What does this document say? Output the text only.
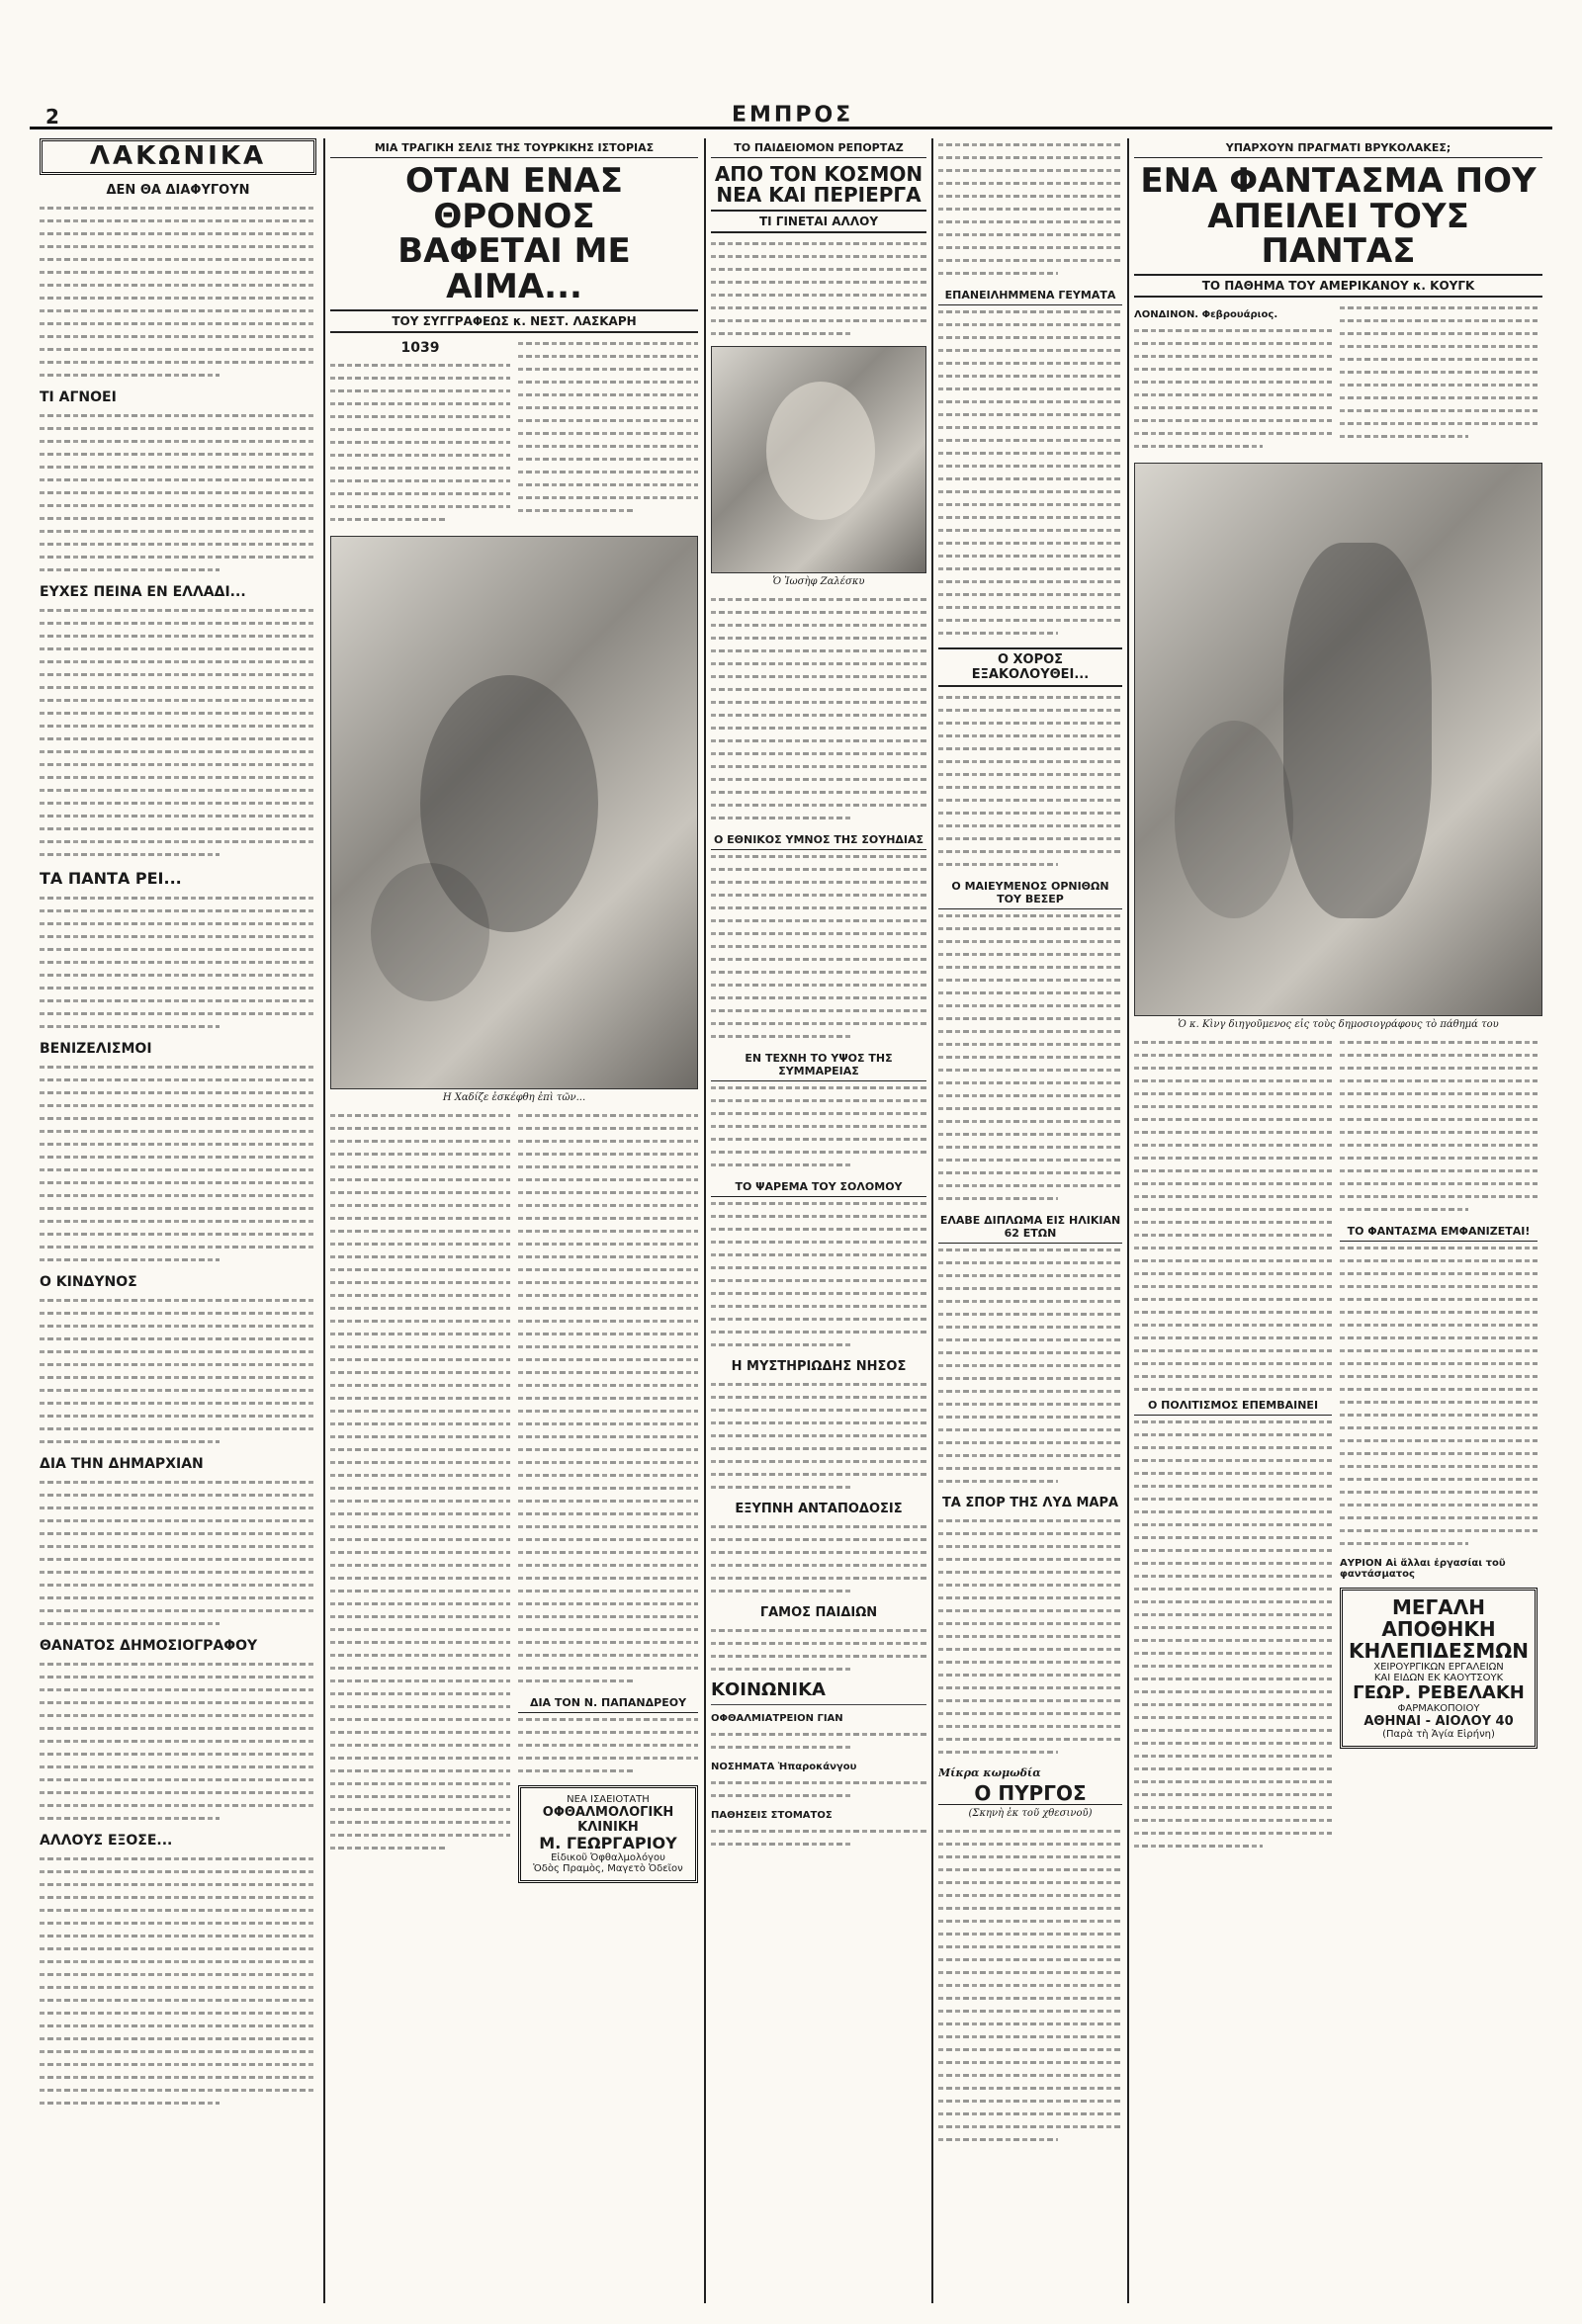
2	ΕΜΠΡΟΣ
ΛΑΚΩΝΙΚΑ
ΔΕΝ ΘΑ ΔΙΑΦΥΓΟΥΝ
ΤΙ ΑΓΝΟΕΙ
ΕΥΧΕΣ ΠΕΙΝΑ ΕΝ ΕΛΛΑΔΙ...
ΤΑ ΠΑΝΤΑ ΡΕΙ...
ΒΕΝΙΖΕΛΙΣΜΟΙ
Ο ΚΙΝΔΥΝΟΣ
ΔΙΑ ΤΗΝ ΔΗΜΑΡΧΙΑΝ
ΘΑΝΑΤΟΣ ΔΗΜΟΣΙΟΓΡΑΦΟΥ
ΑΛΛΟΥΣ ΕΞΟΣΕ...
ΜΙΑ ΤΡΑΓΙΚΗ ΣΕΛΙΣ ΤΗΣ ΤΟΥΡΚΙΚΗΣ ΙΣΤΟΡΙΑΣ
ΟΤΑΝ ΕΝΑΣ ΘΡΟΝΟΣ
ΒΑΦΕΤΑΙ ΜΕ ΑΙΜΑ...
ΤΟΥ ΣΥΓΓΡΑΦΕΩΣ κ. ΝΕΣΤ. ΛΑΣΚΑΡΗ
1039
Η Χαδίζε ἐσκέφθη ἐπὶ τῶν...
ΔΙΑ ΤΟΝ Ν. ΠΑΠΑΝΔΡΕΟΥ
ΝΕΑ ΙΣΑΕΙΟΤΑΤΗ
ΟΦΘΑΛΜΟΛΟΓΙΚΗ ΚΛΙΝΙΚΗ
Μ. ΓΕΩΡΓΑΡΙΟΥ
Εἰδικοῦ Ὀφθαλμολόγου
Ὁδὸς Πραμὸς, Μαγετὸ Ὀδεῖον
ΤΟ ΠΑΙΔΕΙΟΜΟΝ ΡΕΠΟΡΤΑΖ
ΑΠΟ ΤΟΝ ΚΟΣΜΟΝ
ΝΕΑ ΚΑΙ ΠΕΡΙΕΡΓΑ
ΤΙ ΓΙΝΕΤΑΙ ΑΛΛΟΥ
Ὁ Ἰωσὴφ Ζαλέσκυ
Ο ΕΘΝΙΚΟΣ ΥΜΝΟΣ ΤΗΣ ΣΟΥΗΔΙΑΣ
ΕΝ ΤΕΧΝΗ ΤΟ ΥΨΟΣ ΤΗΣ ΣΥΜΜΑΡΕΙΑΣ
ΤΟ ΨΑΡΕΜΑ ΤΟΥ ΣΟΛΟΜΟΥ
Η ΜΥΣΤΗΡΙΩΔΗΣ ΝΗΣΟΣ
ΕΞΥΠΝΗ ΑΝΤΑΠΟΔΟΣΙΣ
ΓΑΜΟΣ ΠΑΙΔΙΩΝ
ΚΟΙΝΩΝΙΚΑ
ΟΦΘΑΛΜΙΑΤΡΕΙΟΝ ΓΙΑΝ
ΝΟΣΗΜΑΤΑ Ἡπαροκάνγου
ΠΑΘΗΣΕΙΣ ΣΤΟΜΑΤΟΣ
ΕΠΑΝΕΙΛΗΜΜΕΝΑ ΓΕΥΜΑΤΑ
Ο ΧΟΡΟΣ ΕΞΑΚΟΛΟΥΘΕΙ...
Ο ΜΑΙΕΥΜΕΝΟΣ ΟΡΝΙΘΩΝ ΤΟΥ ΒΕΣΕΡ
ΕΛΑΒΕ ΔΙΠΛΩΜΑ ΕΙΣ ΗΛΙΚΙΑΝ 62 ΕΤΩΝ
ΤΑ ΣΠΟΡ ΤΗΣ ΛΥΔ ΜΑΡΑ
Μίκρα κωμωδία
Ο ΠΥΡΓΟΣ
(Σκηνὴ ἐκ τοῦ χθεσινοῦ)
ΥΠΑΡΧΟΥΝ ΠΡΑΓΜΑΤΙ ΒΡΥΚΟΛΑΚΕΣ;
ΕΝΑ ΦΑΝΤΑΣΜΑ ΠΟΥ
ΑΠΕΙΛΕΙ ΤΟΥΣ ΠΑΝΤΑΣ
ΤΟ ΠΑΘΗΜΑ ΤΟΥ ΑΜΕΡΙΚΑΝΟΥ κ. ΚΟΥΓΚ
ΛΟΝΔΙΝΟΝ. Φεβρουάριος.
Ὁ κ. Κὶνγ διηγοῦμενος εἰς τοὺς δημοσιογράφους τὸ πάθημά του
Ο ΠΟΛΙΤΙΣΜΟΣ ΕΠΕΜΒΑΙΝΕΙ
ΤΟ ΦΑΝΤΑΣΜΑ ΕΜΦΑΝΙΖΕΤΑΙ!
ΑΥΡΙΟΝ Αἱ ἄλλαι ἐργασίαι τοῦ φαντάσματος
ΜΕΓΑΛΗ ΑΠΟΘΗΚΗ
ΚΗΛΕΠΙΔΕΣΜΩΝ
ΧΕΙΡΟΥΡΓΙΚΩΝ ΕΡΓΑΛΕΙΩΝ
ΚΑΙ ΕΙΔΩΝ ΕΚ ΚΑΟΥΤΣΟΥΚ
ΓΕΩΡ. ΡΕΒΕΛΑΚΗ
ΦΑΡΜΑΚΟΠΟΙΟΥ
ΑΘΗΝΑΙ - ΑΙΟΛΟΥ 40
(Παρὰ τὴ Ἁγία Εἰρήνη)
